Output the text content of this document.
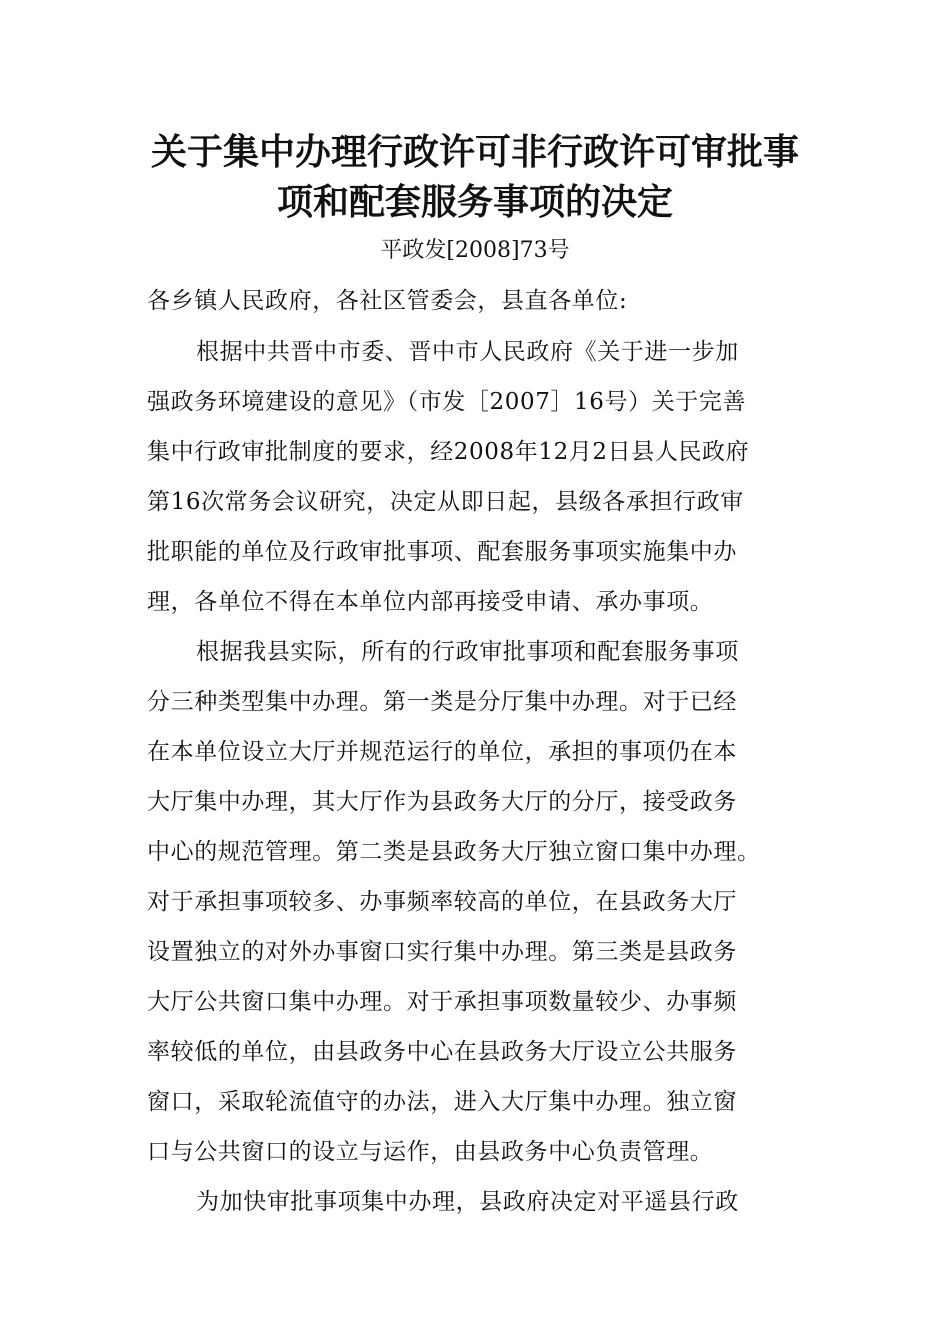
关于集中办理行政许可非行政许可审批事
项和配套服务事项的决定
平政发[2008]73号
各乡镇人民政府，各社区管委会，县直各单位:
根据中共晋中市委、晋中市人民政府《关于进一步加
强政务环境建设的意见》（市发［2007］16号）关于完善
集中行政审批制度的要求，经2008年12月2日县人民政府
第16次常务会议研究，决定从即日起，县级各承担行政审
批职能的单位及行政审批事项、配套服务事项实施集中办
理，各单位不得在本单位内部再接受申请、承办事项。
根据我县实际，所有的行政审批事项和配套服务事项
分三种类型集中办理。第一类是分厅集中办理。对于已经
在本单位设立大厅并规范运行的单位，承担的事项仍在本
大厅集中办理，其大厅作为县政务大厅的分厅，接受政务
中心的规范管理。第二类是县政务大厅独立窗口集中办理。
对于承担事项较多、办事频率较高的单位，在县政务大厅
设置独立的对外办事窗口实行集中办理。第三类是县政务
大厅公共窗口集中办理。对于承担事项数量较少、办事频
率较低的单位，由县政务中心在县政务大厅设立公共服务
窗口，采取轮流值守的办法，进入大厅集中办理。独立窗
口与公共窗口的设立与运作，由县政务中心负责管理。
为加快审批事项集中办理，县政府决定对平遥县行政
